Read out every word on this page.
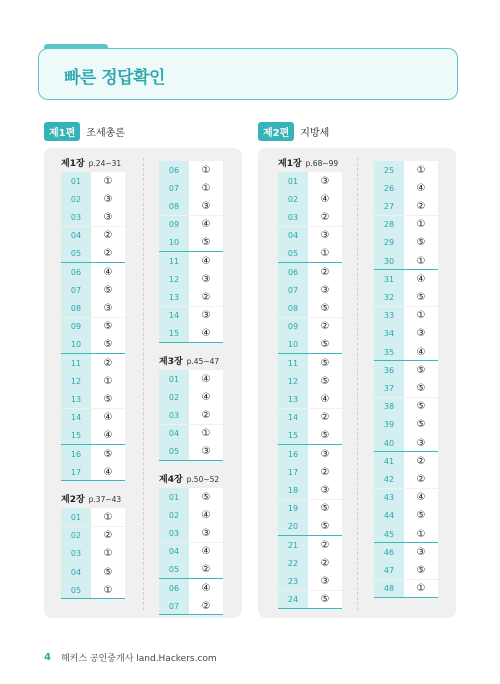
빠른 정답확인
제1편	조세총론	제2편	지방세
제1장 p.24~31
01	①
02	③
03	③
04	②
05	②
06	④
07	⑤
08	③
09	⑤
10	⑤
11	②
12	①
13	⑤
14	④
15	④
16	⑤
17	④
제2장 p.37~43
01	①
02	②
03	①
04	⑤
05	①
06	①
07	①
08	③
09	④
10	⑤
11	④
12	③
13	②
14	③
15	④
제3장 p.45~47
01	④
02	④
03	②
04	①
05	③
제4장 p.50~52
01	⑤
02	④
03	③
04	④
05	②
06	④
07	②
제1장 p.68~99
01	③
02	④
03	②
04	③
05	①
06	②
07	③
08	⑤
09	②
10	⑤
11	⑤
12	⑤
13	④
14	②
15	⑤
16	③
17	②
18	③
19	⑤
20	⑤
21	②
22	②
23	③
24	⑤
25	①
26	④
27	②
28	①
29	⑤
30	①
31	④
32	⑤
33	①
34	③
35	④
36	⑤
37	⑤
38	⑤
39	⑤
40	③
41	②
42	②
43	④
44	⑤
45	①
46	③
47	⑤
48	①
4 해커스 공인중개사 land.Hackers.com
